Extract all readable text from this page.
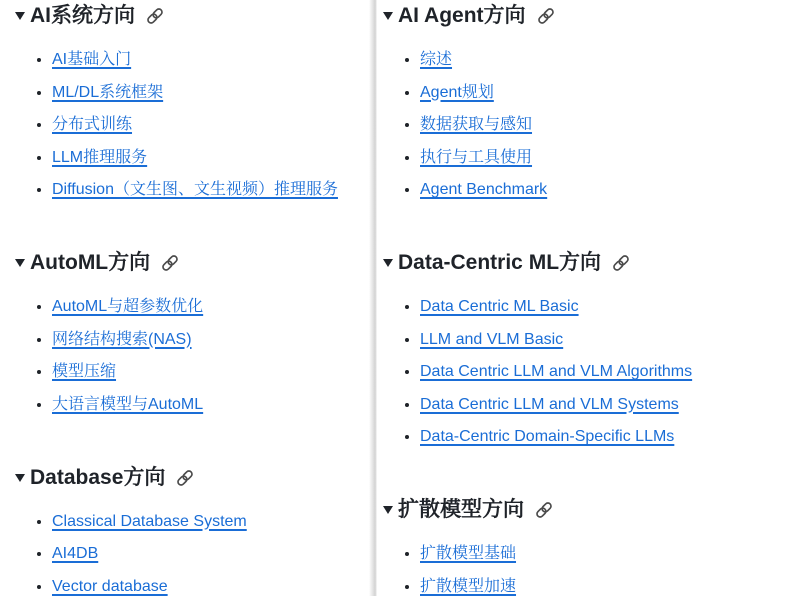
AI系统方向
• AI基础入门
• ML/DL系统框架
• 分布式训练
• LLM推理服务
• Diffusion（文生图、文生视频）推理服务
AutoML方向
• AutoML与超参数优化
• 网络结构搜索(NAS)
• 模型压缩
• 大语言模型与AutoML
Database方向
• Classical Database System
• AI4DB
• Vector database
AI Agent方向
• 综述
• Agent规划
• 数据获取与感知
• 执行与工具使用
• Agent Benchmark
Data-Centric ML方向
• Data Centric ML Basic
• LLM and VLM Basic
• Data Centric LLM and VLM Algorithms
• Data Centric LLM and VLM Systems
• Data-Centric Domain-Specific LLMs
扩散模型方向
• 扩散模型基础
• 扩散模型加速
